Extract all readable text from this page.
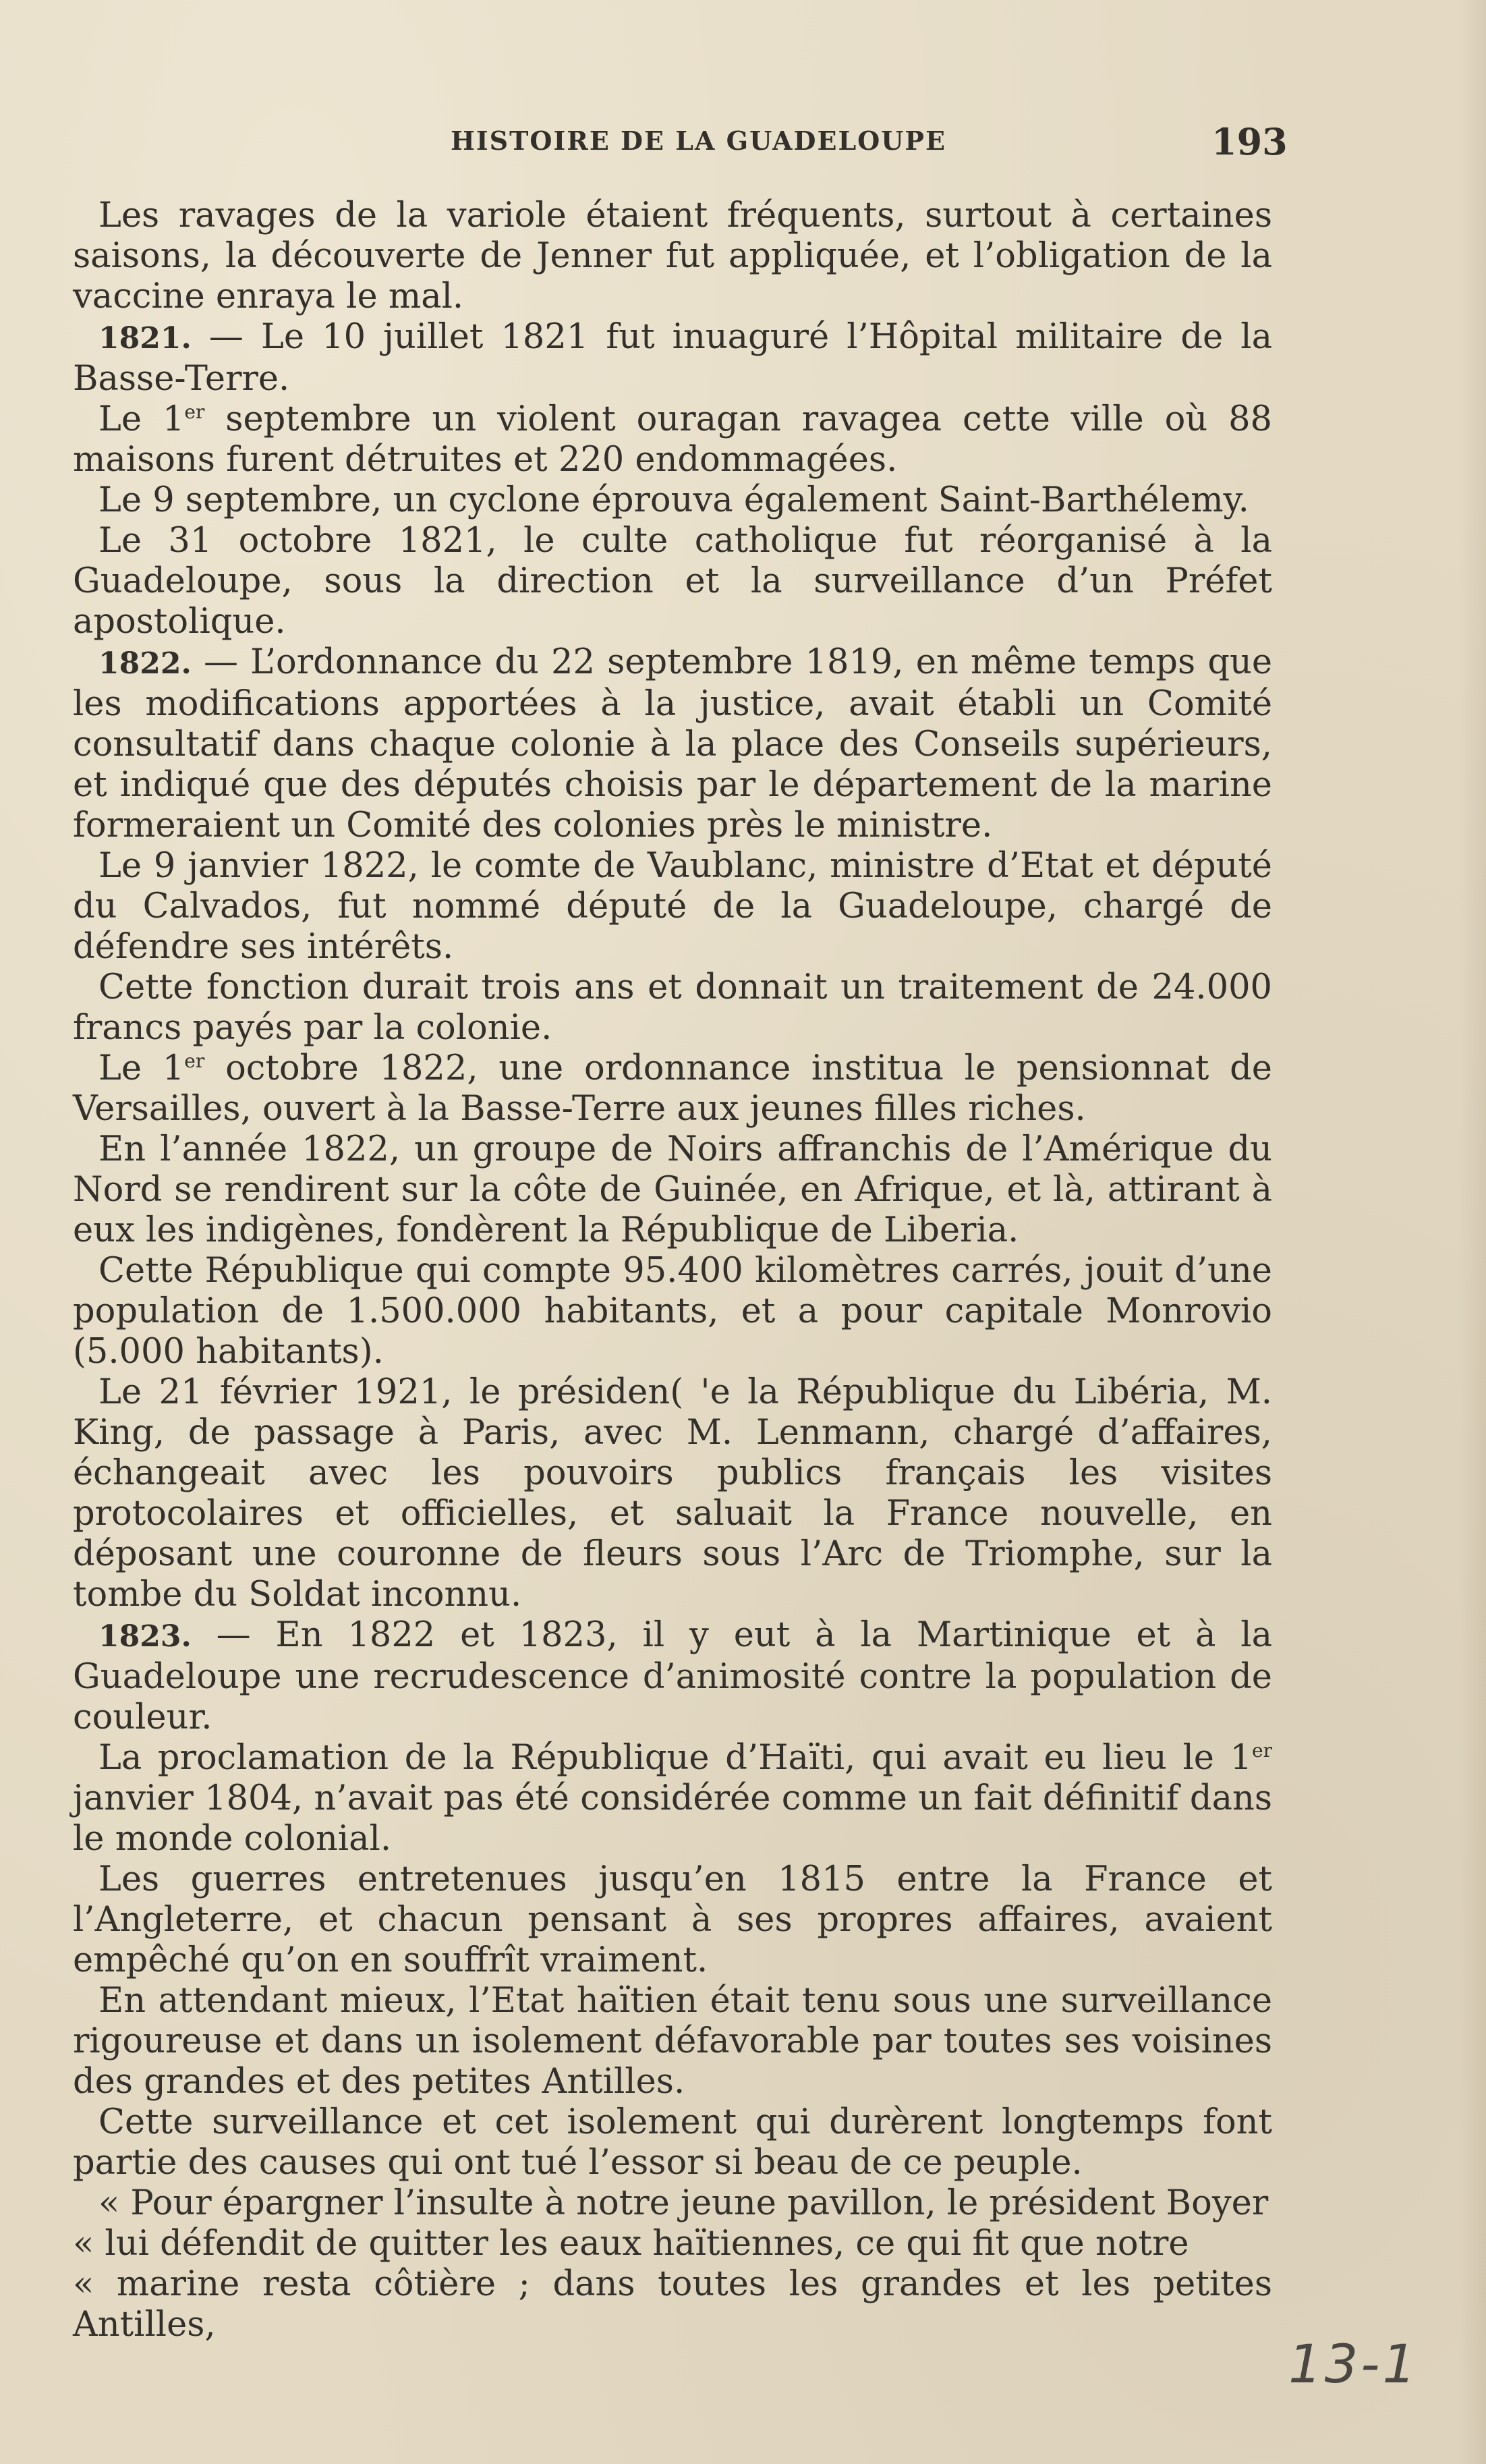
HISTOIRE DE LA GUADELOUPE	193

Les ravages de la variole étaient fréquents, surtout à certaines saisons, la découverte de Jenner fut appliquée, et l’obligation de la vaccine enraya le mal.

1821. — Le 10 juillet 1821 fut inuaguré l’Hôpital militaire de la Basse-Terre.

Le 1er septembre un violent ouragan ravagea cette ville où 88 maisons furent détruites et 220 endommagées.

Le 9 septembre, un cyclone éprouva également Saint-Barthélemy.

Le 31 octobre 1821, le culte catholique fut réorganisé à la Guadeloupe, sous la direction et la surveillance d’un Préfet apostolique.

1822. — L’ordonnance du 22 septembre 1819, en même temps que les modifications apportées à la justice, avait établi un Comité consultatif dans chaque colonie à la place des Conseils supérieurs, et indiqué que des députés choisis par le département de la marine formeraient un Comité des colonies près le ministre.

Le 9 janvier 1822, le comte de Vaublanc, ministre d’Etat et député du Calvados, fut nommé député de la Guadeloupe, chargé de défendre ses intérêts.

Cette fonction durait trois ans et donnait un traitement de 24.000 francs payés par la colonie.

Le 1er octobre 1822, une ordonnance institua le pensionnat de Versailles, ouvert à la Basse-Terre aux jeunes filles riches.

En l’année 1822, un groupe de Noirs affranchis de l’Amérique du Nord se rendirent sur la côte de Guinée, en Afrique, et là, attirant à eux les indigènes, fondèrent la République de Liberia.

Cette République qui compte 95.400 kilomètres carrés, jouit d’une population de 1.500.000 habitants, et a pour capitale Monrovio (5.000 habitants).

Le 21 février 1921, le présiden( 'e la République du Libéria, M. King, de passage à Paris, avec M. Lenmann, chargé d’affaires, échangeait avec les pouvoirs publics français les visites protocolaires et officielles, et saluait la France nouvelle, en déposant une couronne de fleurs sous l’Arc de Triomphe, sur la tombe du Soldat inconnu.

1823. — En 1822 et 1823, il y eut à la Martinique et à la Guadeloupe une recrudescence d’animosité contre la population de couleur.

La proclamation de la République d’Haïti, qui avait eu lieu le 1er janvier 1804, n’avait pas été considérée comme un fait définitif dans le monde colonial.

Les guerres entretenues jusqu’en 1815 entre la France et l’Angleterre, et chacun pensant à ses propres affaires, avaient empêché qu’on en souffrît vraiment.

En attendant mieux, l’Etat haïtien était tenu sous une surveillance rigoureuse et dans un isolement défavorable par toutes ses voisines des grandes et des petites Antilles.

Cette surveillance et cet isolement qui durèrent longtemps font partie des causes qui ont tué l’essor si beau de ce peuple.

« Pour épargner l’insulte à notre jeune pavillon, le président Boyer

« lui défendit de quitter les eaux haïtiennes, ce qui fit que notre

« marine resta côtière ; dans toutes les grandes et les petites Antilles,

13-1
